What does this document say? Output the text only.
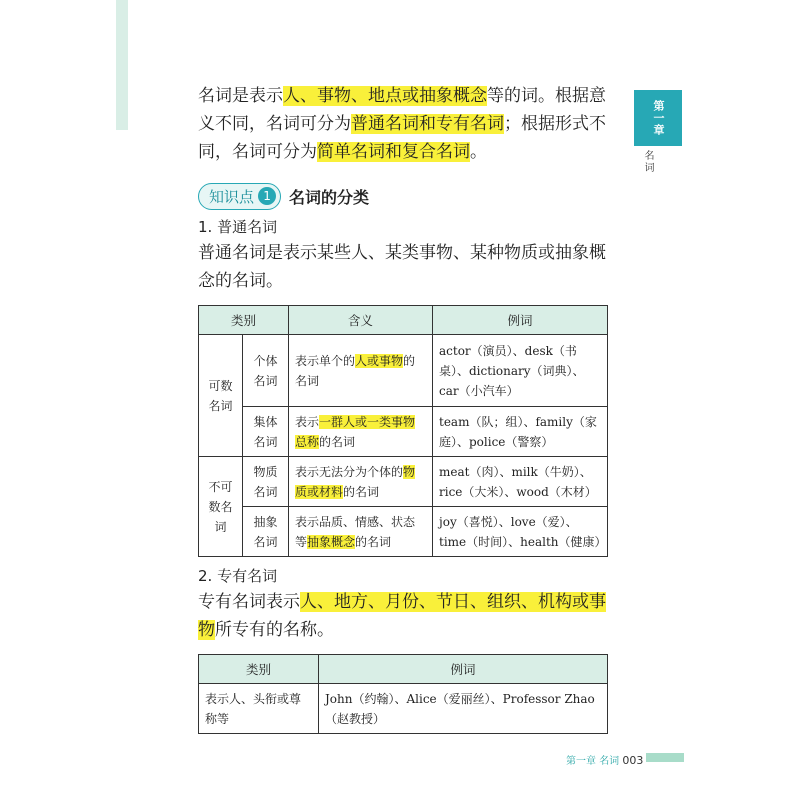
第一章
名词

名词是表示人、事物、地点或抽象概念等的词。根据意义不同，名词可分为普通名词和专有名词；根据形式不同，名词可分为简单名词和复合名词。

知识点 1	名词的分类
1. 普通名词

普通名词是表示某些人、某类事物、某种物质或抽象概念的名词。

类别		含义	例词
可数名词	个体名词	表示单个的人或事物的名词	actor（演员）、desk（书桌）、dictionary（词典）、car（小汽车）
	集体名词	表示一群人或一类事物总称的名词	team（队；组）、family（家庭）、police（警察）
不可数名词	物质名词	表示无法分为个体的物质或材料的名词	meat（肉）、milk（牛奶）、rice（大米）、wood（木材）
	抽象名词	表示品质、情感、状态等抽象概念的名词	joy（喜悦）、love（爱）、time（时间）、health（健康）
2. 专有名词

专有名词表示人、地方、月份、节日、组织、机构或事物所专有的名称。

类别	例词
表示人、头衔或尊称等	John（约翰）、Alice（爱丽丝）、Professor Zhao（赵教授）
第一章 名词 003
